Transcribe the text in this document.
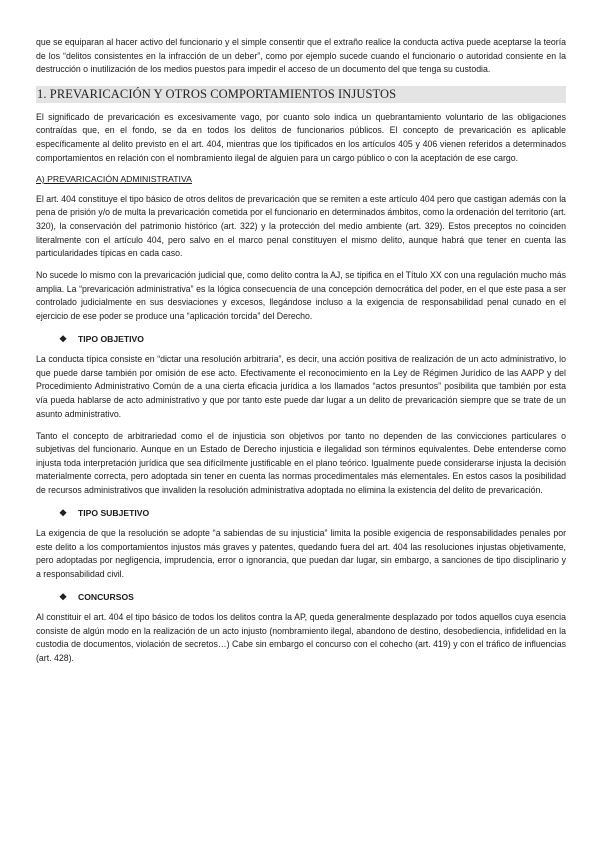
que se equiparan al hacer activo del funcionario y el simple consentir que el extraño realice la conducta activa puede aceptarse la teoría de los “delitos consistentes en la infracción de un deber”, como por ejemplo sucede cuando el funcionario o autoridad consiente en la destrucción o inutilización de los medios puestos para impedir el acceso de un documento del que tenga su custodia.

1. PREVARICACIÓN Y OTROS COMPORTAMIENTOS INJUSTOS

El significado de prevaricación es excesivamente vago, por cuanto solo indica un quebrantamiento voluntario de las obligaciones contraídas que, en el fondo, se da en todos los delitos de funcionarios públicos. El concepto de prevaricación es aplicable específicamente al delito previsto en el art. 404, mientras que los tipificados en los artículos 405 y 406 vienen referidos a determinados comportamientos en relación con el nombramiento ilegal de alguien para un cargo público o con la aceptación de ese cargo.

A) PREVARICACIÓN ADMINISTRATIVA

El art. 404 constituye el tipo básico de otros delitos de prevaricación que se remiten a este artículo 404 pero que castigan además con la pena de prisión y/o de multa la prevaricación cometida por el funcionario en determinados ámbitos, como la ordenación del territorio (art. 320), la conservación del patrimonio histórico (art. 322) y la protección del medio ambiente (art. 329). Estos preceptos no coinciden literalmente con el artículo 404, pero salvo en el marco penal constituyen el mismo delito, aunque habrá que tener en cuenta las particularidades típicas en cada caso.

No sucede lo mismo con la prevaricación judicial que, como delito contra la AJ, se tipifica en el Título XX con una regulación mucho más amplia. La “prevaricación administrativa” es la lógica consecuencia de una concepción democrática del poder, en el que este pasa a ser controlado judicialmente en sus desviaciones y excesos, llegándose incluso a la exigencia de responsabilidad penal cunado en el ejercicio de ese poder se produce una “aplicación torcida” del Derecho.

❖ TIPO OBJETIVO

La conducta típica consiste en “dictar una resolución arbitraria”, es decir, una acción positiva de realización de un acto administrativo, lo que puede darse también por omisión de ese acto. Efectivamente el reconocimiento en la Ley de Régimen Jurídico de las AAPP y del Procedimiento Administrativo Común de a una cierta eficacia jurídica a los llamados “actos presuntos” posibilita que también por esta vía pueda hablarse de acto administrativo y que por tanto este puede dar lugar a un delito de prevaricación siempre que se trate de un asunto administrativo.

Tanto el concepto de arbitrariedad como el de injusticia son objetivos por tanto no dependen de las convicciones particulares o subjetivas del funcionario. Aunque en un Estado de Derecho injusticia e ilegalidad son términos equivalentes. Debe entenderse como injusta toda interpretación jurídica que sea difícilmente justificable en el plano teórico. Igualmente puede considerarse injusta la decisión materialmente correcta, pero adoptada sin tener en cuenta las normas procedimentales más elementales. En estos casos la posibilidad de recursos administrativos que invaliden la resolución administrativa adoptada no elimina la existencia del delito de prevaricación.

❖ TIPO SUBJETIVO

La exigencia de que la resolución se adopte “a sabiendas de su injusticia” limita la posible exigencia de responsabilidades penales por este delito a los comportamientos injustos más graves y patentes, quedando fuera del art. 404 las resoluciones injustas objetivamente, pero adoptadas por negligencia, imprudencia, error o ignorancia, que puedan dar lugar, sin embargo, a sanciones de tipo disciplinario y a responsabilidad civil.

❖ CONCURSOS

Al constituir el art. 404 el tipo básico de todos los delitos contra la AP, queda generalmente desplazado por todos aquellos cuya esencia consiste de algún modo en la realización de un acto injusto (nombramiento ilegal, abandono de destino, desobediencia, infidelidad en la custodia de documentos, violación de secretos…) Cabe sin embargo el concurso con el cohecho (art. 419) y con el tráfico de influencias (art. 428).
